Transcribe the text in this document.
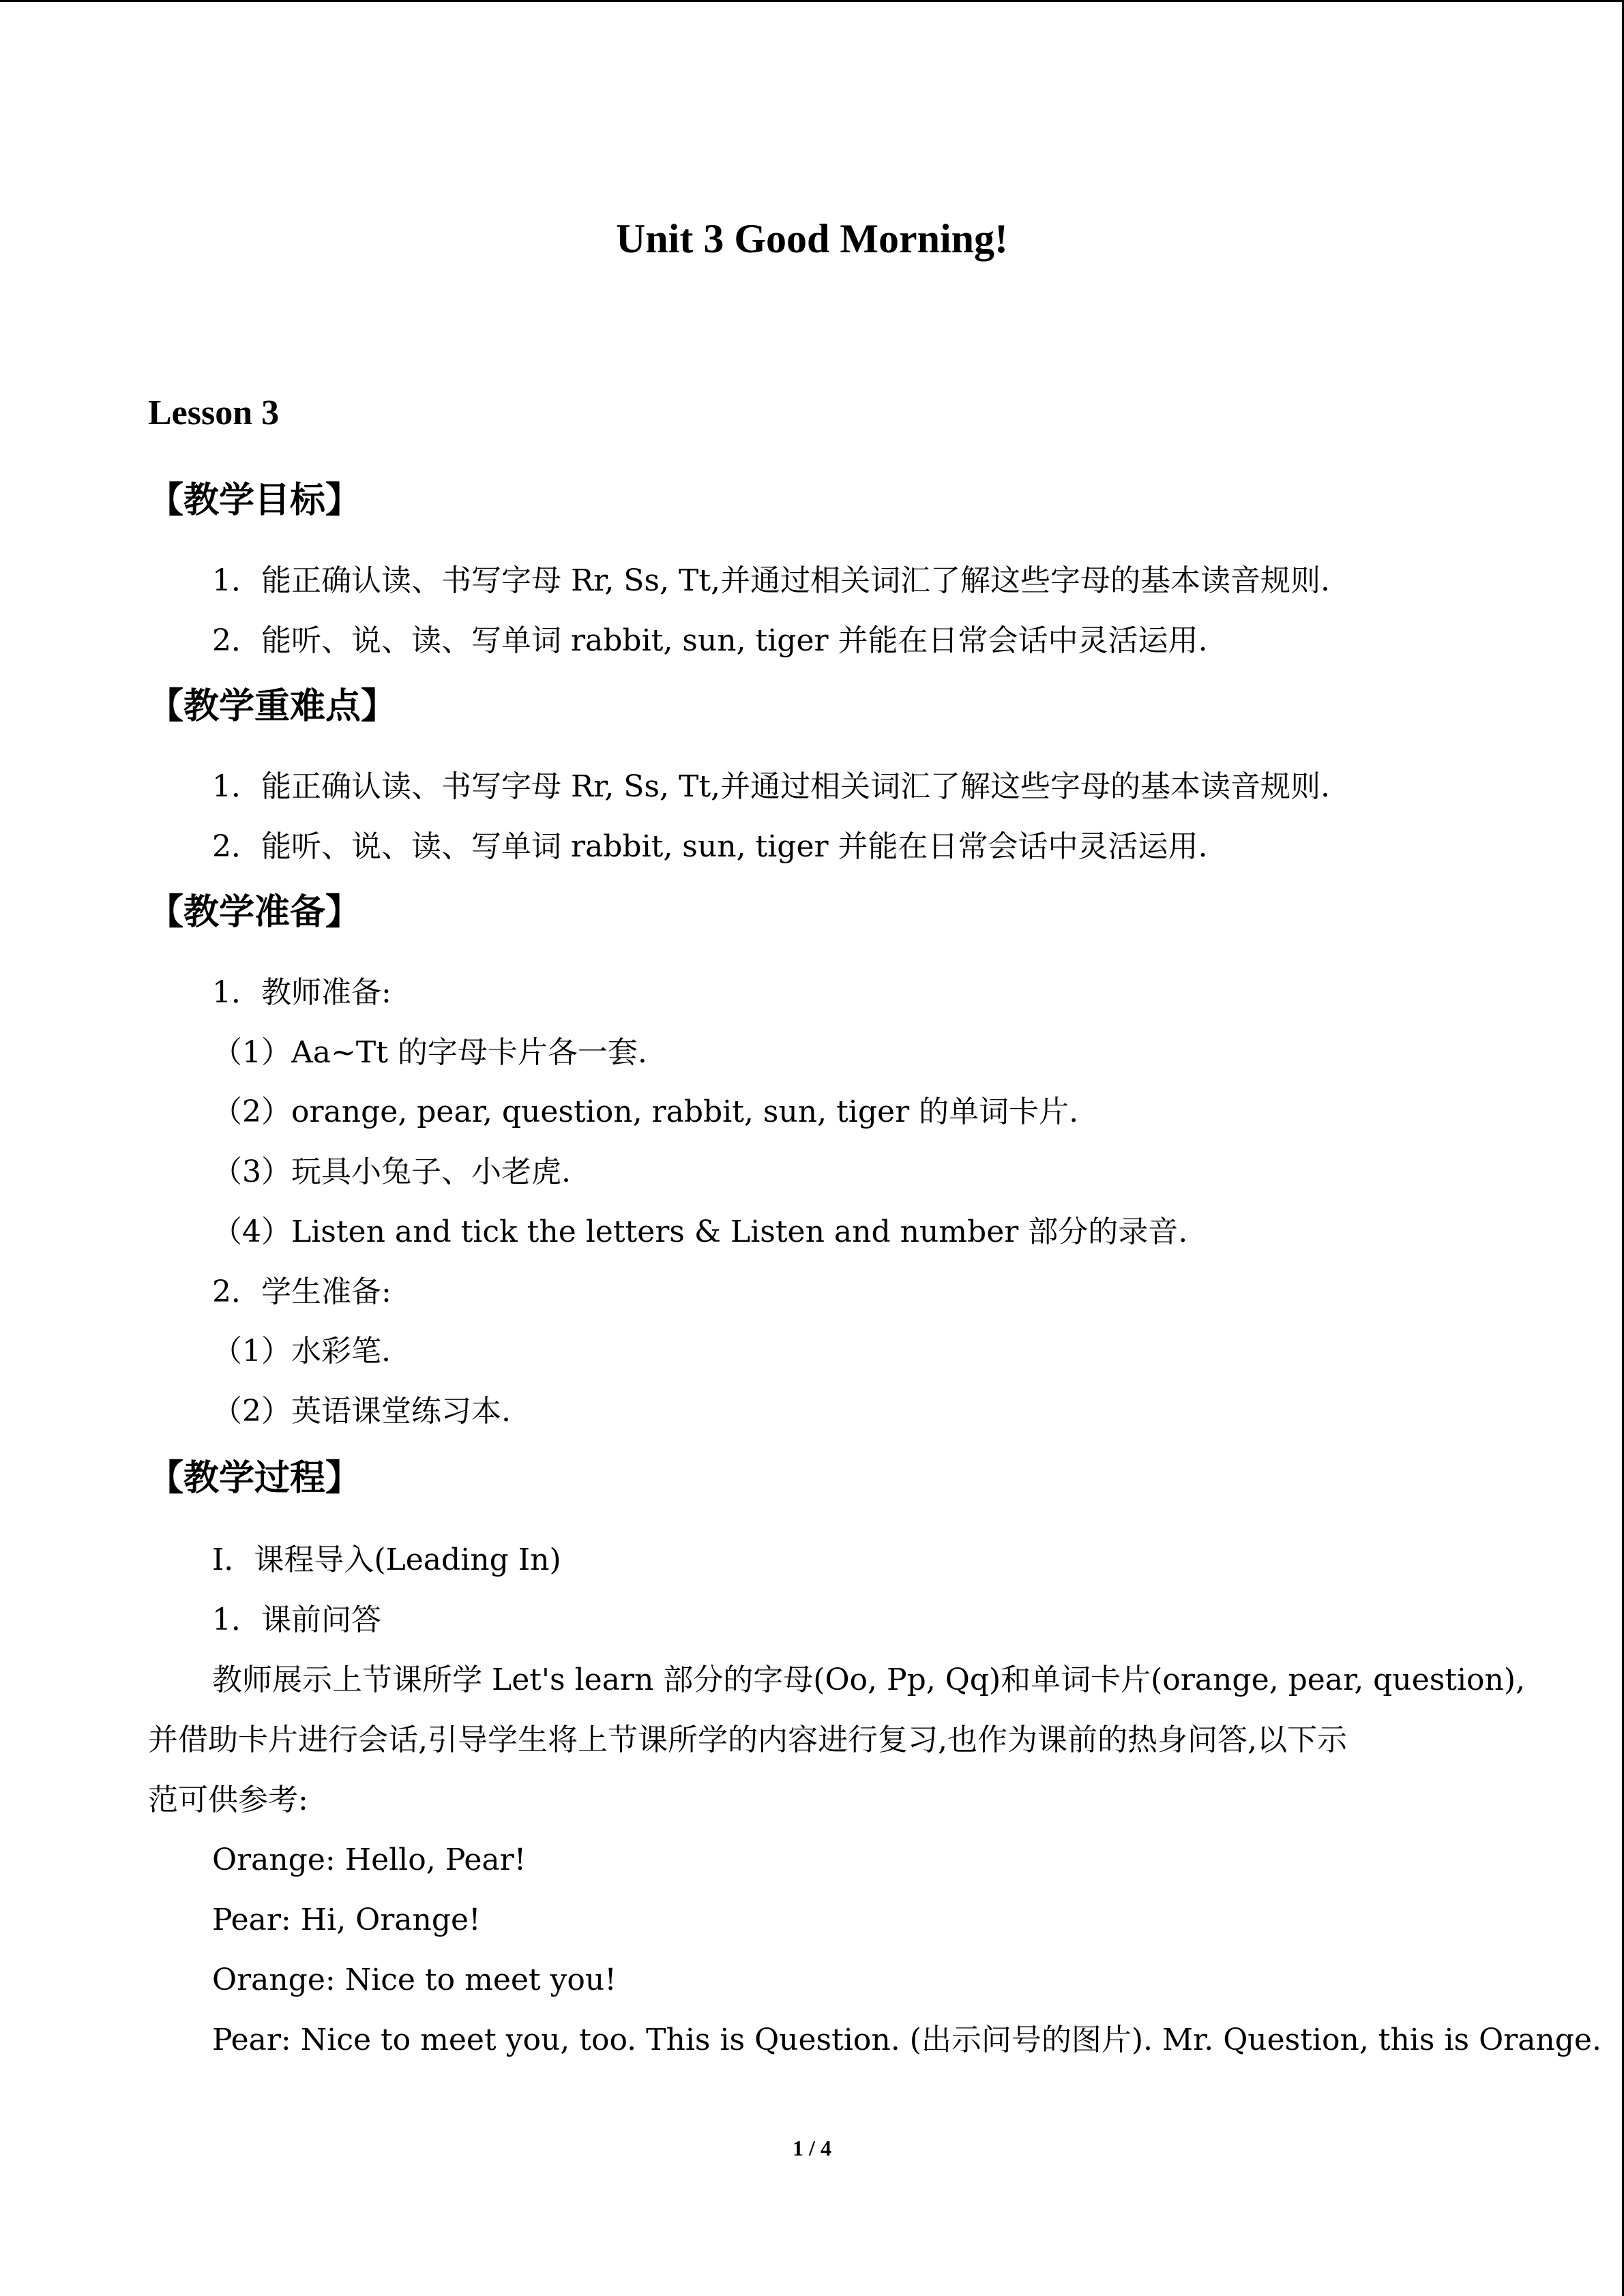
Unit 3 Good Morning!
Lesson 3
【教学目标】
1．能正确认读、书写字母 Rr, Ss, Tt,并通过相关词汇了解这些字母的基本读音规则.
2．能听、说、读、写单词 rabbit, sun, tiger 并能在日常会话中灵活运用.
【教学重难点】
1．能正确认读、书写字母 Rr, Ss, Tt,并通过相关词汇了解这些字母的基本读音规则.
2．能听、说、读、写单词 rabbit, sun, tiger 并能在日常会话中灵活运用.
【教学准备】
1．教师准备:
（1）Aa~Tt 的字母卡片各一套.
（2）orange, pear, question, rabbit, sun, tiger 的单词卡片.
（3）玩具小兔子、小老虎.
（4）Listen and tick the letters & Listen and number 部分的录音.
2．学生准备:
（1）水彩笔.
（2）英语课堂练习本.
【教学过程】
Ⅰ．课程导入(Leading In)
1．课前问答
教师展示上节课所学 Let's learn 部分的字母(Oo, Pp, Qq)和单词卡片(orange, pear, question),
并借助卡片进行会话,引导学生将上节课所学的内容进行复习,也作为课前的热身问答,以下示
范可供参考:
Orange: Hello, Pear!
Pear: Hi, Orange!
Orange: Nice to meet you!
Pear: Nice to meet you, too. This is Question. (出示问号的图片). Mr. Question, this is Orange.
1 / 4
